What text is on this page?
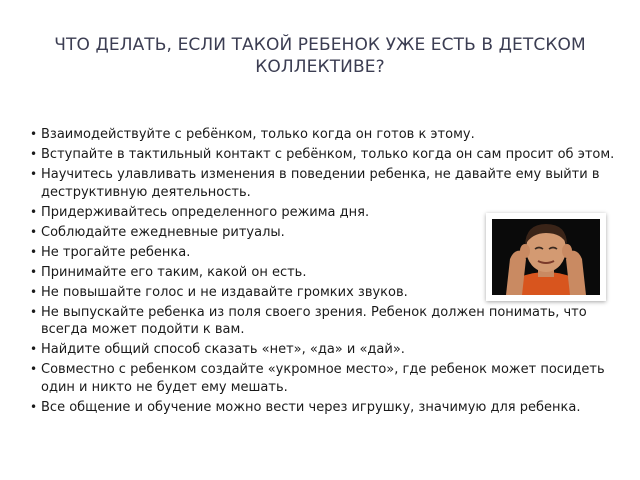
ЧТО ДЕЛАТЬ, ЕСЛИ ТАКОЙ РЕБЕНОК УЖЕ ЕСТЬ В ДЕТСКОМ КОЛЛЕКТИВЕ?
• Взаимодействуйте с ребёнком, только когда он готов к этому.
• Вступайте в тактильный контакт с ребёнком, только когда он сам просит об этом.
• Научитесь улавливать изменения в поведении ребенка, не давайте ему выйти в деструктивную деятельность.
• Придерживайтесь определенного режима дня.
• Соблюдайте ежедневные ритуалы.
• Не трогайте ребенка.
• Принимайте его таким, какой он есть.
• Не повышайте голос и не издавайте громких звуков.
• Не выпускайте ребенка из поля своего зрения. Ребенок должен понимать, что всегда может подойти к вам.
• Найдите общий способ сказать «нет», «да» и «дай».
• Совместно с ребенком создайте «укромное место», где ребенок может посидеть один и никто не будет ему мешать.
• Все общение и обучение можно вести через игрушку, значимую для ребенка.
